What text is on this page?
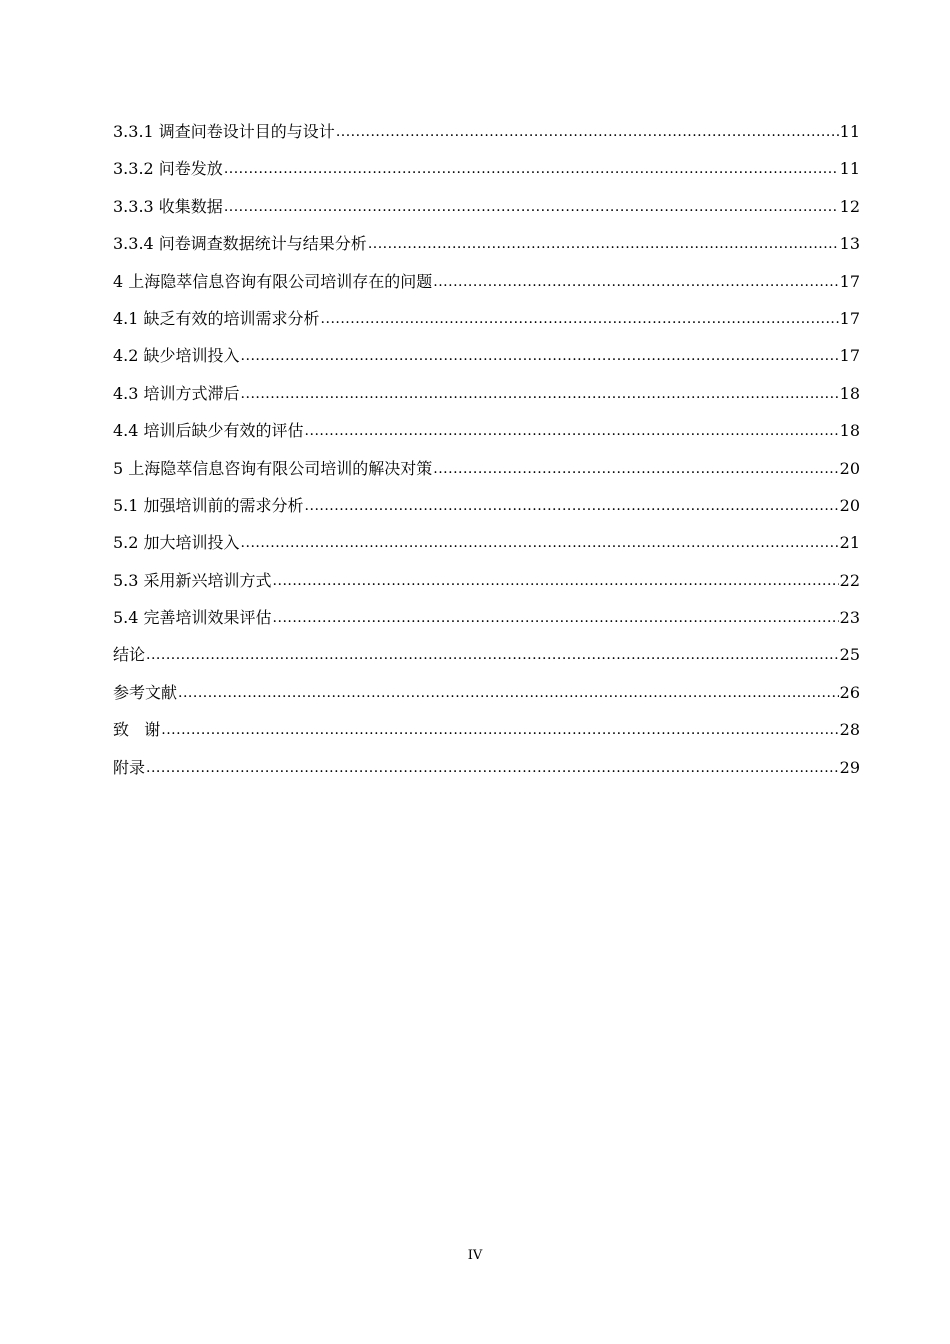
3.3.1 调查问卷设计目的与设计 .....	11
3.3.2 问卷发放 .....	11
3.3.3 收集数据 .....	12
3.3.4 问卷调查数据统计与结果分析 .....	13
4 上海隐萃信息咨询有限公司培训存在的问题 .....	17
4.1 缺乏有效的培训需求分析 .....	17
4.2 缺少培训投入 .....	17
4.3 培训方式滞后 .....	18
4.4 培训后缺少有效的评估 .....	18
5 上海隐萃信息咨询有限公司培训的解决对策 .....	20
5.1 加强培训前的需求分析 .....	20
5.2 加大培训投入 .....	21
5.3 采用新兴培训方式 .....	22
5.4 完善培训效果评估 .....	23
结论 .....	25
参考文献 .....	26
致   谢 .....	28
附录 .....	29
IV
